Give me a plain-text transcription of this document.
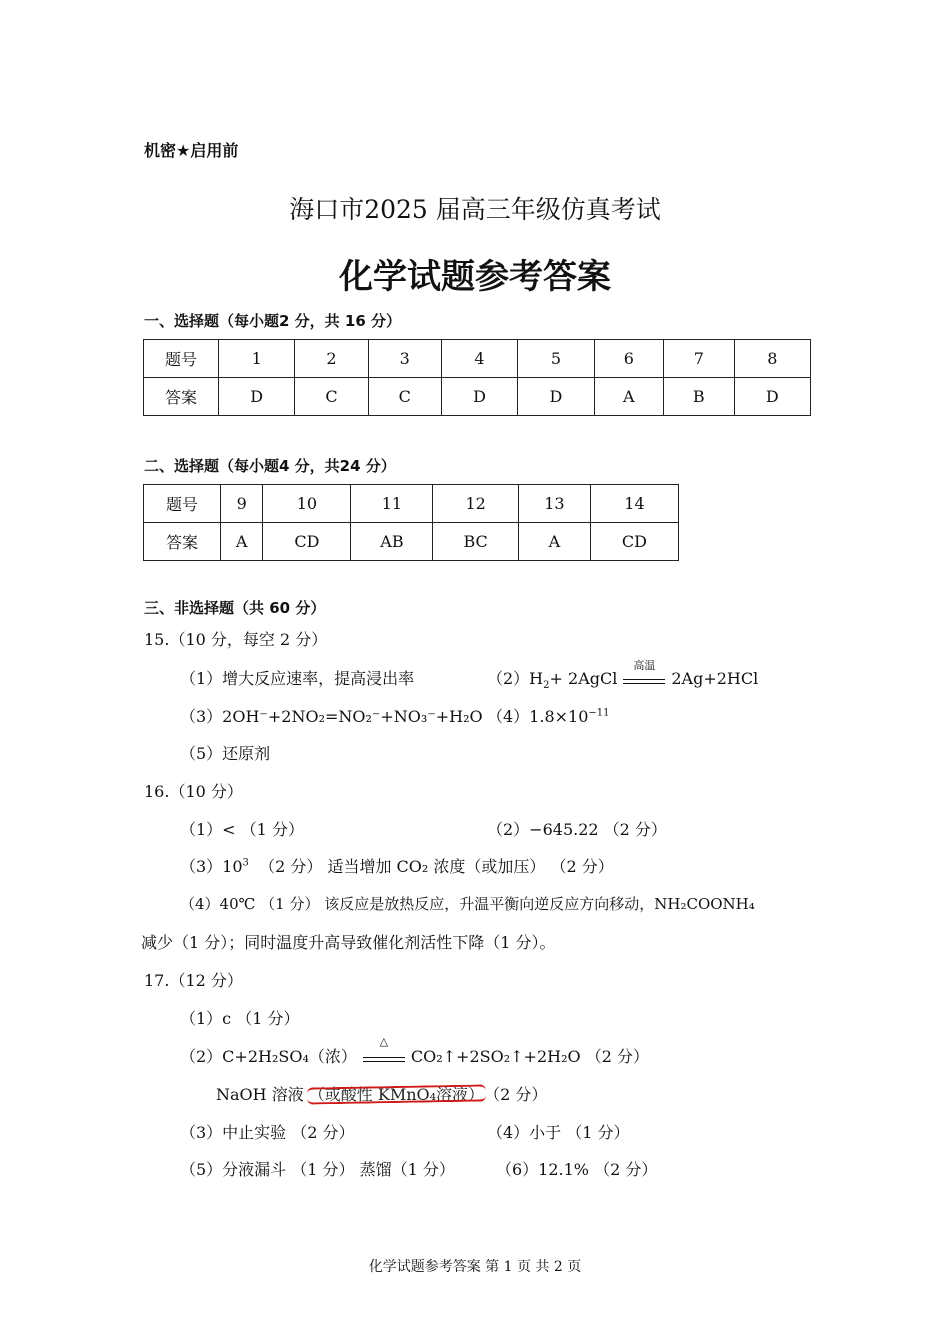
机密★启用前
海口市2025 届高三年级仿真考试
化学试题参考答案
一、选择题（每小题2 分，共 16 分）
题号	1	2	3	4	5	6	7	8
答案	D	C	C	D	D	A	B	D
二、选择题（每小题4 分，共24 分）
题号	9	10	11	12	13	14
答案	A	CD	AB	BC	A	CD
三、非选择题（共 60 分）
15.（10 分，每空 2 分）
（1）增大反应速率，提高浸出率	$(2)H_2+$ 2AgCl
高温
2Ag+2HCl
（3）2OH⁻+2NO₂=NO₂⁻+NO₃⁻+H₂O $(4)1.8\times 10^{-11}$
（5）还原剂
16.（10 分）
（1）< （1 分）	（2）−645.22 （2 分）
$(3)10^3$ （2 分） 适当增加 CO₂ 浓度（或加压） （2 分）
（4）40℃ （1 分） 该反应是放热反应，升温平衡向逆反应方向移动，NH₂COONH₄
减少（1 分）；同时温度升高导致催化剂活性下降（1 分）。
17.（12 分）
（1）c （1 分）
（2）C+2H₂SO₄（浓）
△
CO₂↑+2SO₂↑+2H₂O （2 分）
NaOH 溶液 （或酸性 KMnO₄溶液）（2 分）
（3）中止实验 （2 分）	（4）小于 （1 分）
（5）分液漏斗 （1 分） 蒸馏（1 分）	（6）12.1% （2 分）
化学试题参考答案 第 1 页 共 2 页
